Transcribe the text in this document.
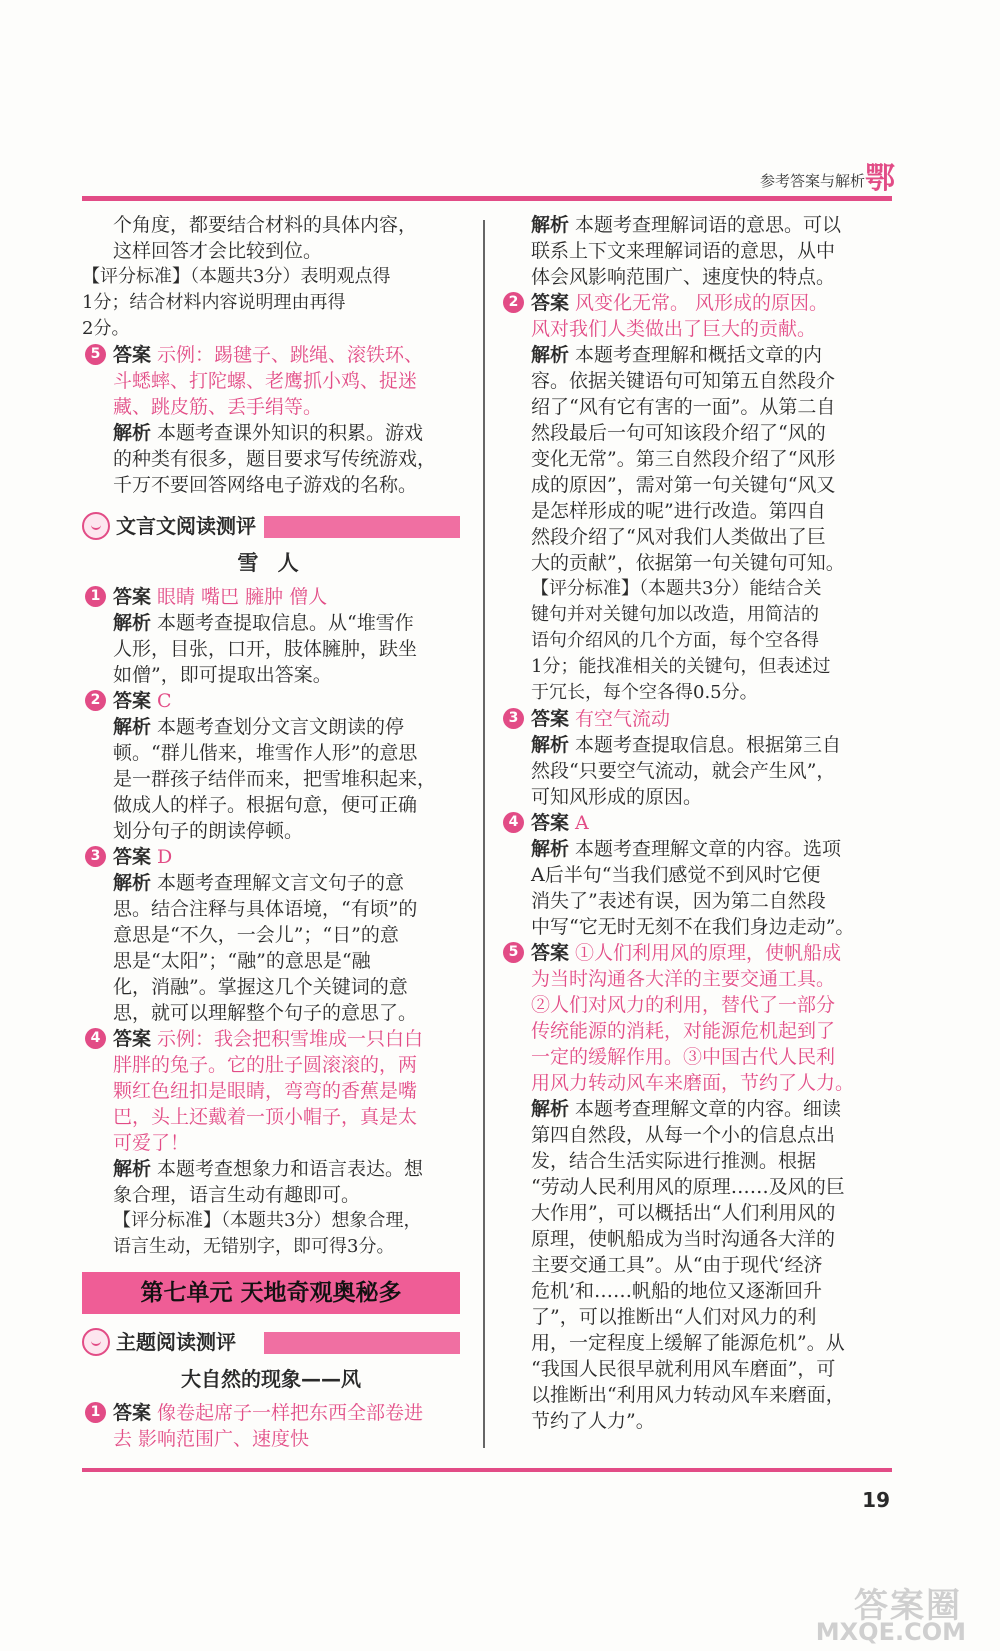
参考答案与解析 鄂

个角度，都要结合材料的具体内容，

这样回答才会比较到位。

【评分标准】（本题共3分）表明观点得

1分；结合材料内容说明理由再得

2分。

5 答案 示例：踢毽子、跳绳、滚铁环、

斗蟋蟀、打陀螺、老鹰抓小鸡、捉迷

藏、跳皮筋、丢手绢等。

解析 本题考查课外知识的积累。游戏

的种类有很多，题目要求写传统游戏，

千万不要回答网络电子游戏的名称。

文言文阅读测评
雪 人
1 答案 眼睛 嘴巴 臃肿 僧人

解析 本题考查提取信息。从“堆雪作

人形，目张，口开，肢体臃肿，趺坐

如僧”，即可提取出答案。

2 答案 C

解析 本题考查划分文言文朗读的停

顿。“群儿偕来，堆雪作人形”的意思

是一群孩子结伴而来，把雪堆积起来，

做成人的样子。根据句意，便可正确

划分句子的朗读停顿。

3 答案 D

解析 本题考查理解文言文句子的意

思。结合注释与具体语境，“有顷”的

意思是“不久，一会儿”；“日”的意

思是“太阳”；“融”的意思是“融

化，消融”。掌握这几个关键词的意

思，就可以理解整个句子的意思了。

4 答案 示例：我会把积雪堆成一只白白

胖胖的兔子。它的肚子圆滚滚的，两

颗红色纽扣是眼睛，弯弯的香蕉是嘴

巴，头上还戴着一顶小帽子，真是太

可爱了！

解析 本题考查想象力和语言表达。想

象合理，语言生动有趣即可。

【评分标准】（本题共3分）想象合理，

语言生动，无错别字，即可得3分。

第七单元 天地奇观奥秘多
主题阅读测评
大自然的现象——风
1 答案 像卷起席子一样把东西全部卷进

去 影响范围广、速度快

解析 本题考查理解词语的意思。可以

联系上下文来理解词语的意思，从中

体会风影响范围广、速度快的特点。

2 答案 风变化无常。 风形成的原因。

风对我们人类做出了巨大的贡献。

解析 本题考查理解和概括文章的内

容。依据关键语句可知第五自然段介

绍了“风有它有害的一面”。从第二自

然段最后一句可知该段介绍了“风的

变化无常”。第三自然段介绍了“风形

成的原因”，需对第一句关键句“风又

是怎样形成的呢”进行改造。第四自

然段介绍了“风对我们人类做出了巨

大的贡献”，依据第一句关键句可知。

【评分标准】（本题共3分）能结合关

键句并对关键句加以改造，用简洁的

语句介绍风的几个方面，每个空各得

1分；能找准相关的关键句，但表述过

于冗长，每个空各得0.5分。

3 答案 有空气流动

解析 本题考查提取信息。根据第三自

然段“只要空气流动，就会产生风”，

可知风形成的原因。

4 答案 A

解析 本题考查理解文章的内容。选项

A后半句“当我们感觉不到风时它便

消失了”表述有误，因为第二自然段

中写“它无时无刻不在我们身边走动”。

5 答案 ①人们利用风的原理，使帆船成

为当时沟通各大洋的主要交通工具。

②人们对风力的利用，替代了一部分

传统能源的消耗，对能源危机起到了

一定的缓解作用。③中国古代人民利

用风力转动风车来磨面，节约了人力。

解析 本题考查理解文章的内容。细读

第四自然段，从每一个小的信息点出

发，结合生活实际进行推测。根据

“劳动人民利用风的原理……及风的巨

大作用”，可以概括出“人们利用风的

原理，使帆船成为当时沟通各大洋的

主要交通工具”。从“由于现代‘经济

危机’和……帆船的地位又逐渐回升

了”，可以推断出“人们对风力的利

用，一定程度上缓解了能源危机”。从

“我国人民很早就利用风车磨面”，可

以推断出“利用风力转动风车来磨面，

节约了人力”。

19
答案圈
MXQE.COM
